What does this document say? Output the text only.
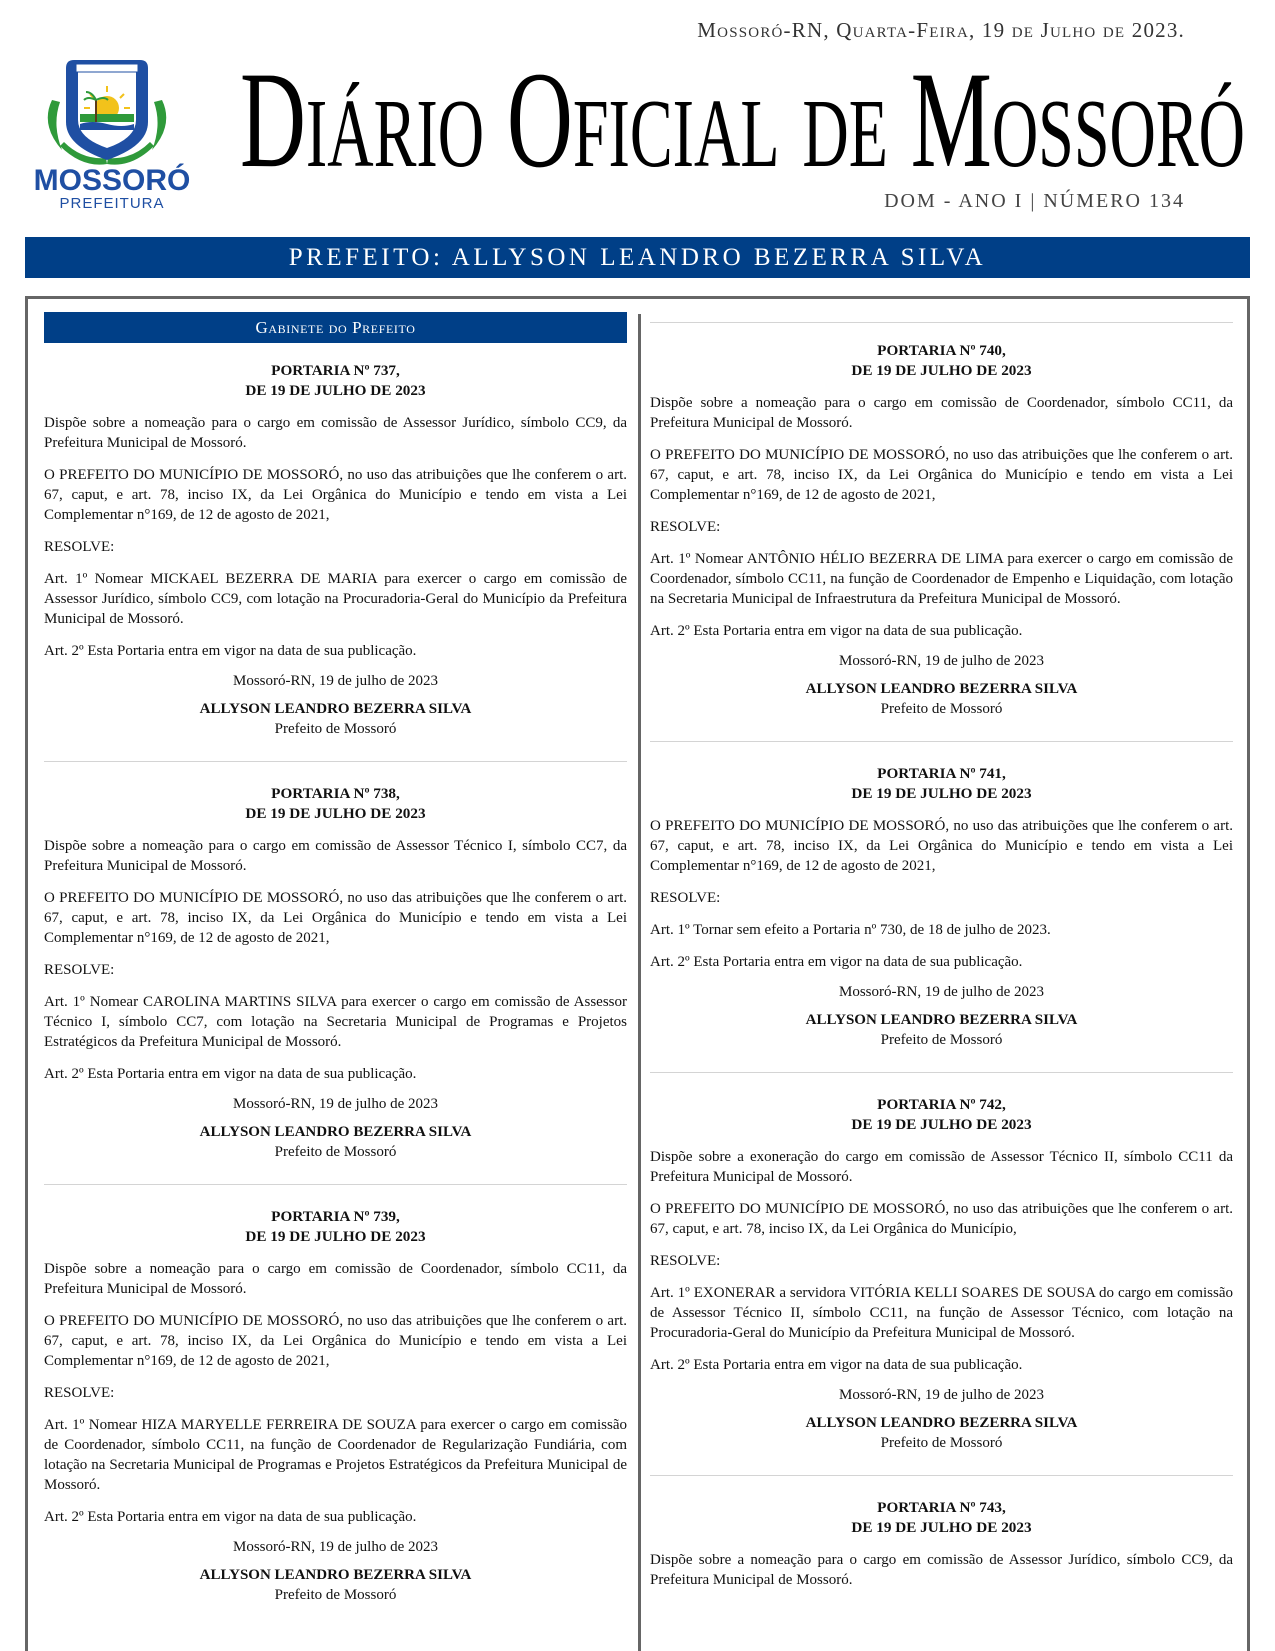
MOSSORÓ
PREFEITURA
Mossoró-RN, Quarta-Feira, 19 de Julho de 2023.
Diário Oficial de Mossoró
DOM - ANO I | NÚMERO 134
PREFEITO: ALLYSON LEANDRO BEZERRA SILVA
Gabinete do Prefeito
PORTARIA Nº 737,
DE 19 DE JULHO DE 2023

Dispõe sobre a nomeação para o cargo em comissão de Assessor Jurídico, símbolo CC9, da Prefeitura Municipal de Mossoró.

O PREFEITO DO MUNICÍPIO DE MOSSORÓ, no uso das atribuições que lhe conferem o art. 67, caput, e art. 78, inciso IX, da Lei Orgânica do Município e tendo em vista a Lei Complementar n°169, de 12 de agosto de 2021,

RESOLVE:

Art. 1º Nomear MICKAEL BEZERRA DE MARIA para exercer o cargo em comissão de Assessor Jurídico, símbolo CC9, com lotação na Procuradoria-Geral do Município da Prefeitura Municipal de Mossoró.

Art. 2º Esta Portaria entra em vigor na data de sua publicação.

Mossoró-RN, 19 de julho de 2023
ALLYSON LEANDRO BEZERRA SILVA
Prefeito de Mossoró
PORTARIA Nº 738,
DE 19 DE JULHO DE 2023

Dispõe sobre a nomeação para o cargo em comissão de Assessor Técnico I, símbolo CC7, da Prefeitura Municipal de Mossoró.

O PREFEITO DO MUNICÍPIO DE MOSSORÓ, no uso das atribuições que lhe conferem o art. 67, caput, e art. 78, inciso IX, da Lei Orgânica do Município e tendo em vista a Lei Complementar n°169, de 12 de agosto de 2021,

RESOLVE:

Art. 1º Nomear CAROLINA MARTINS SILVA para exercer o cargo em comissão de Assessor Técnico I, símbolo CC7, com lotação na Secretaria Municipal de Programas e Projetos Estratégicos da Prefeitura Municipal de Mossoró.

Art. 2º Esta Portaria entra em vigor na data de sua publicação.

Mossoró-RN, 19 de julho de 2023
ALLYSON LEANDRO BEZERRA SILVA
Prefeito de Mossoró
PORTARIA Nº 739,
DE 19 DE JULHO DE 2023

Dispõe sobre a nomeação para o cargo em comissão de Coordenador, símbolo CC11, da Prefeitura Municipal de Mossoró.

O PREFEITO DO MUNICÍPIO DE MOSSORÓ, no uso das atribuições que lhe conferem o art. 67, caput, e art. 78, inciso IX, da Lei Orgânica do Município e tendo em vista a Lei Complementar n°169, de 12 de agosto de 2021,

RESOLVE:

Art. 1º Nomear HIZA MARYELLE FERREIRA DE SOUZA para exercer o cargo em comissão de Coordenador, símbolo CC11, na função de Coordenador de Regularização Fundiária, com lotação na Secretaria Municipal de Programas e Projetos Estratégicos da Prefeitura Municipal de Mossoró.

Art. 2º Esta Portaria entra em vigor na data de sua publicação.

Mossoró-RN, 19 de julho de 2023
ALLYSON LEANDRO BEZERRA SILVA
Prefeito de Mossoró
PORTARIA Nº 740,
DE 19 DE JULHO DE 2023

Dispõe sobre a nomeação para o cargo em comissão de Coordenador, símbolo CC11, da Prefeitura Municipal de Mossoró.

O PREFEITO DO MUNICÍPIO DE MOSSORÓ, no uso das atribuições que lhe conferem o art. 67, caput, e art. 78, inciso IX, da Lei Orgânica do Município e tendo em vista a Lei Complementar n°169, de 12 de agosto de 2021,

RESOLVE:

Art. 1º Nomear ANTÔNIO HÉLIO BEZERRA DE LIMA para exercer o cargo em comissão de Coordenador, símbolo CC11, na função de Coordenador de Empenho e Liquidação, com lotação na Secretaria Municipal de Infraestrutura da Prefeitura Municipal de Mossoró.

Art. 2º Esta Portaria entra em vigor na data de sua publicação.

Mossoró-RN, 19 de julho de 2023
ALLYSON LEANDRO BEZERRA SILVA
Prefeito de Mossoró
PORTARIA Nº 741,
DE 19 DE JULHO DE 2023

O PREFEITO DO MUNICÍPIO DE MOSSORÓ, no uso das atribuições que lhe conferem o art. 67, caput, e art. 78, inciso IX, da Lei Orgânica do Município e tendo em vista a Lei Complementar n°169, de 12 de agosto de 2021,

RESOLVE:

Art. 1º Tornar sem efeito a Portaria nº 730, de 18 de julho de 2023.

Art. 2º Esta Portaria entra em vigor na data de sua publicação.

Mossoró-RN, 19 de julho de 2023
ALLYSON LEANDRO BEZERRA SILVA
Prefeito de Mossoró
PORTARIA Nº 742,
DE 19 DE JULHO DE 2023

Dispõe sobre a exoneração do cargo em comissão de Assessor Técnico II, símbolo CC11 da Prefeitura Municipal de Mossoró.

O PREFEITO DO MUNICÍPIO DE MOSSORÓ, no uso das atribuições que lhe conferem o art. 67, caput, e art. 78, inciso IX, da Lei Orgânica do Município,

RESOLVE:

Art. 1º EXONERAR a servidora VITÓRIA KELLI SOARES DE SOUSA do cargo em comissão de Assessor Técnico II, símbolo CC11, na função de Assessor Técnico, com lotação na Procuradoria-Geral do Município da Prefeitura Municipal de Mossoró.

Art. 2º Esta Portaria entra em vigor na data de sua publicação.

Mossoró-RN, 19 de julho de 2023
ALLYSON LEANDRO BEZERRA SILVA
Prefeito de Mossoró
PORTARIA Nº 743,
DE 19 DE JULHO DE 2023

Dispõe sobre a nomeação para o cargo em comissão de Assessor Jurídico, símbolo CC9, da Prefeitura Municipal de Mossoró.
